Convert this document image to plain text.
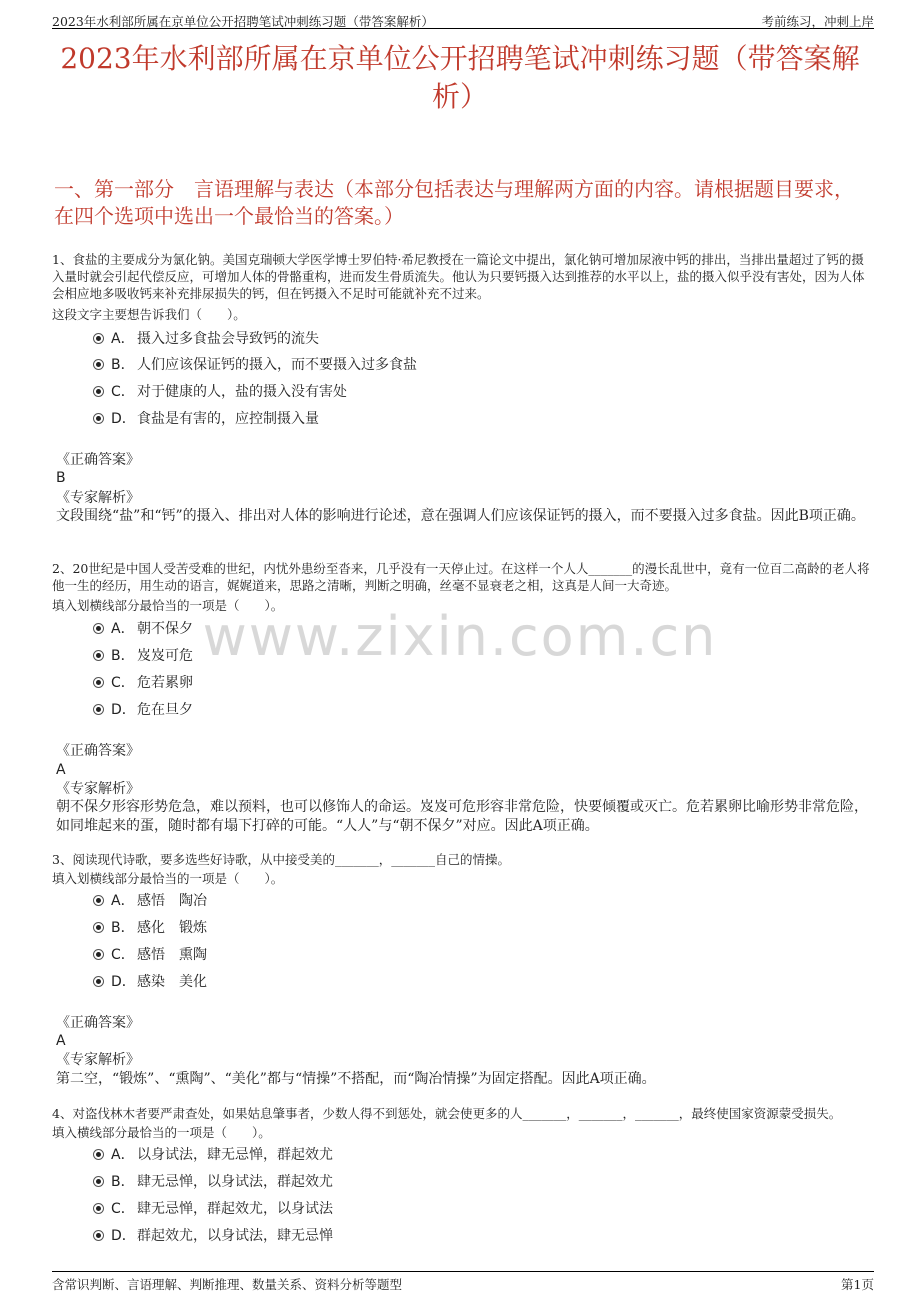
2023年水利部所属在京单位公开招聘笔试冲刺练习题（带答案解析）	考前练习，冲刺上岸
2023年水利部所属在京单位公开招聘笔试冲刺练习题（带答案解析）
一、第一部分　言语理解与表达（本部分包括表达与理解两方面的内容。请根据题目要求，在四个选项中选出一个最恰当的答案。）
www.zixin.com.cn
1、食盐的主要成分为氯化钠。美国克瑞顿大学医学博士罗伯特·希尼教授在一篇论文中提出，氯化钠可增加尿液中钙的排出，当排出量超过了钙的摄入量时就会引起代偿反应，可增加人体的骨骼重构，进而发生骨质流失。他认为只要钙摄入达到推荐的水平以上，盐的摄入似乎没有害处，因为人体会相应地多吸收钙来补充排尿损失的钙，但在钙摄入不足时可能就补充不过来。
这段文字主要想告诉我们（　　）。
A． 摄入过多食盐会导致钙的流失
B． 人们应该保证钙的摄入，而不要摄入过多食盐
C． 对于健康的人，盐的摄入没有害处
D．食盐是有害的，应控制摄入量
《正确答案》
B
《专家解析》
文段围绕“盐”和“钙”的摄入、排出对人体的影响进行论述，意在强调人们应该保证钙的摄入，而不要摄入过多食盐。因此B项正确。
2、20世纪是中国人受苦受难的世纪，内忧外患纷至沓来，几乎没有一天停止过。在这样一个人人_______的漫长乱世中，竟有一位百二高龄的老人将他一生的经历，用生动的语言，娓娓道来，思路之清晰，判断之明确，丝毫不显衰老之相，这真是人间一大奇迹。
填入划横线部分最恰当的一项是（　　）。
A． 朝不保夕
B． 岌岌可危
C． 危若累卵
D．危在旦夕
《正确答案》
A
《专家解析》
朝不保夕形容形势危急，难以预料，也可以修饰人的命运。岌岌可危形容非常危险，快要倾覆或灭亡。危若累卵比喻形势非常危险，如同堆起来的蛋，随时都有塌下打碎的可能。“人人”与“朝不保夕”对应。因此A项正确。
3、阅读现代诗歌，要多选些好诗歌，从中接受美的_______，_______自己的情操。
填入划横线部分最恰当的一项是（　　）。
A． 感悟　陶冶
B． 感化　锻炼
C． 感悟　熏陶
D．感染　美化
《正确答案》
A
《专家解析》
第二空，“锻炼”、“熏陶”、“美化”都与“情操”不搭配，而“陶冶情操”为固定搭配。因此A项正确。
4、对盗伐林木者要严肃查处，如果姑息肇事者，少数人得不到惩处，就会使更多的人_______，_______，_______，最终使国家资源蒙受损失。
填入横线部分最恰当的一项是（　　）。
A． 以身试法，肆无忌惮，群起效尤
B． 肆无忌惮，以身试法，群起效尤
C． 肆无忌惮，群起效尤，以身试法
D．群起效尤，以身试法，肆无忌惮
含常识判断、言语理解、判断推理、数量关系、资料分析等题型	第1页
